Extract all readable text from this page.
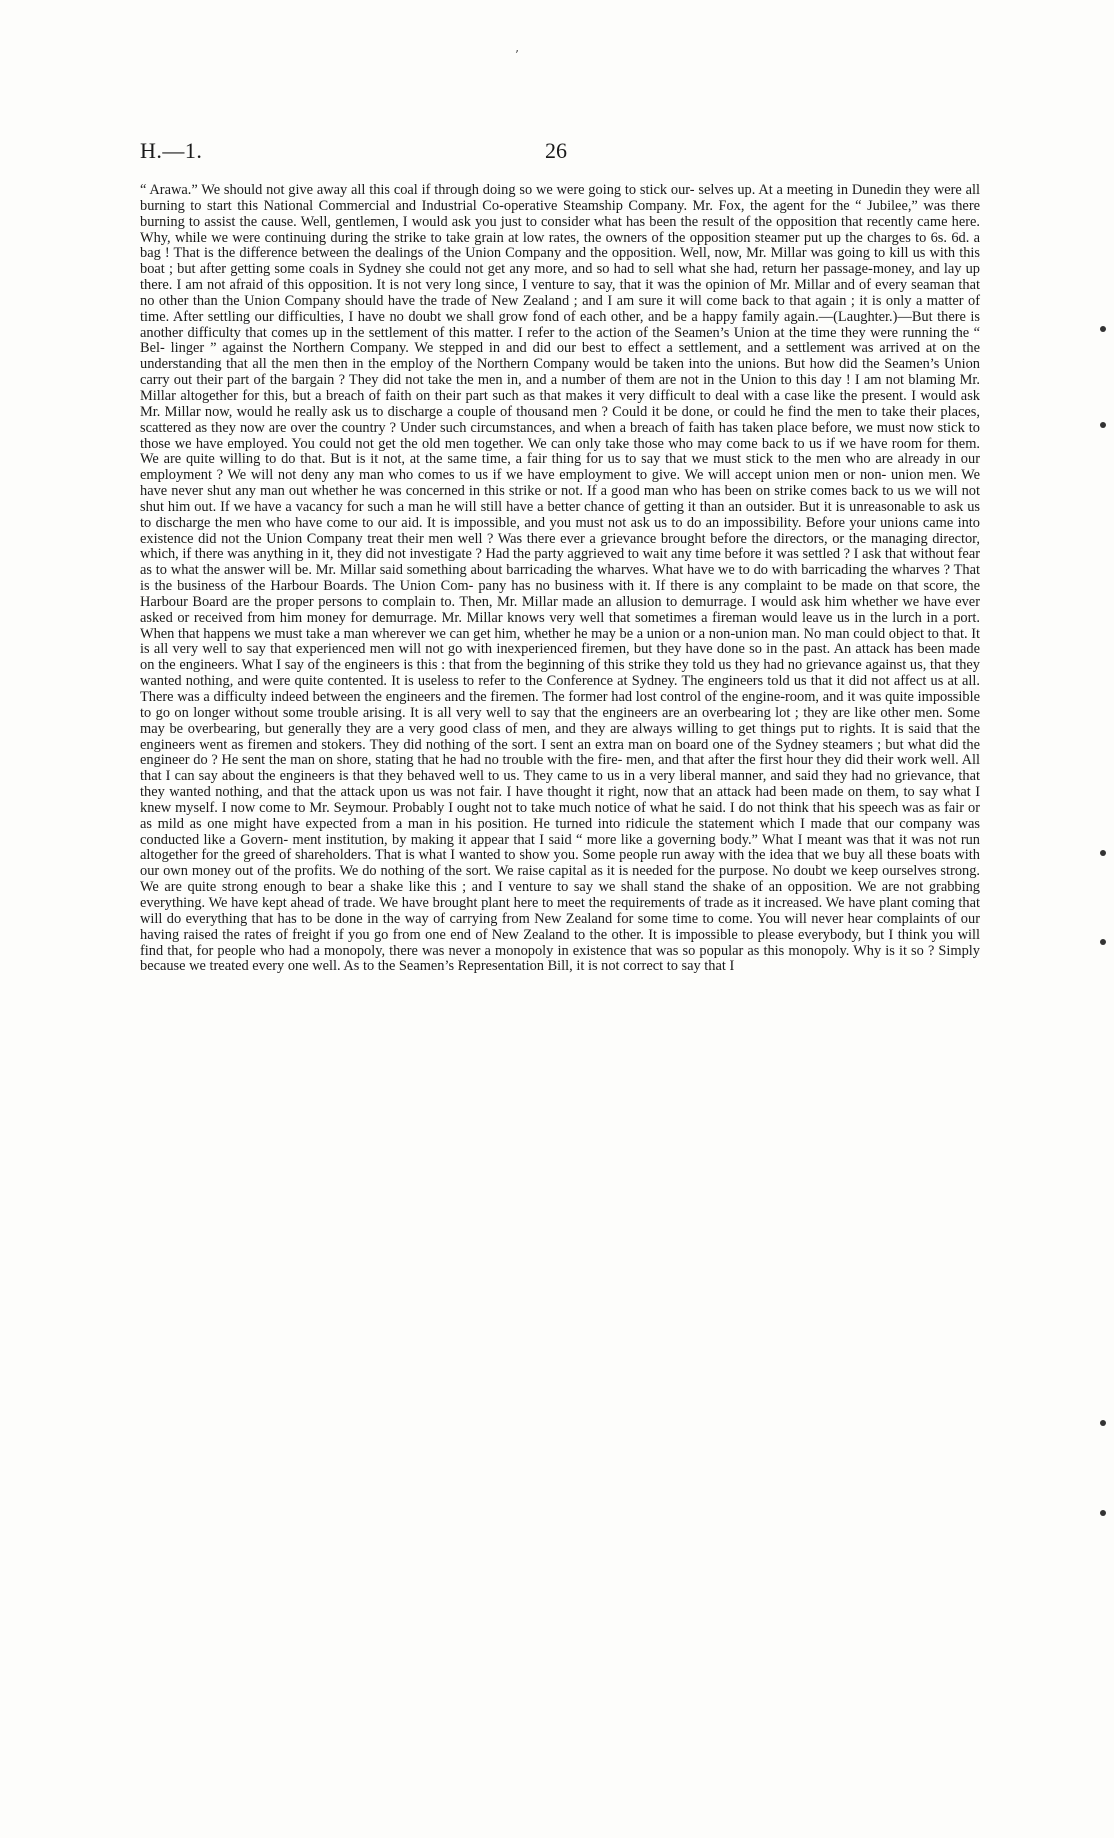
’
H.—1.	26

“ Arawa.” We should not give away all this coal if through doing so we were going to stick our- selves up. At a meeting in Dunedin they were all burning to start this National Commercial and Industrial Co-operative Steamship Company. Mr. Fox, the agent for the “ Jubilee,” was there burning to assist the cause. Well, gentlemen, I would ask you just to consider what has been the result of the opposition that recently came here. Why, while we were continuing during the strike to take grain at low rates, the owners of the opposition steamer put up the charges to 6s. 6d. a bag ! That is the difference between the dealings of the Union Company and the opposition. Well, now, Mr. Millar was going to kill us with this boat ; but after getting some coals in Sydney she could not get any more, and so had to sell what she had, return her passage-money, and lay up there. I am not afraid of this opposition. It is not very long since, I venture to say, that it was the opinion of Mr. Millar and of every seaman that no other than the Union Company should have the trade of New Zealand ; and I am sure it will come back to that again ; it is only a matter of time. After settling our difficulties, I have no doubt we shall grow fond of each other, and be a happy family again.—(Laughter.)—But there is another difficulty that comes up in the settlement of this matter. I refer to the action of the Seamen’s Union at the time they were running the “ Bel- linger ” against the Northern Company. We stepped in and did our best to effect a settlement, and a settlement was arrived at on the understanding that all the men then in the employ of the Northern Company would be taken into the unions. But how did the Seamen’s Union carry out their part of the bargain ? They did not take the men in, and a number of them are not in the Union to this day ! I am not blaming Mr. Millar altogether for this, but a breach of faith on their part such as that makes it very difficult to deal with a case like the present. I would ask Mr. Millar now, would he really ask us to discharge a couple of thousand men ? Could it be done, or could he find the men to take their places, scattered as they now are over the country ? Under such circumstances, and when a breach of faith has taken place before, we must now stick to those we have employed. You could not get the old men together. We can only take those who may come back to us if we have room for them. We are quite willing to do that. But is it not, at the same time, a fair thing for us to say that we must stick to the men who are already in our employment ? We will not deny any man who comes to us if we have employment to give. We will accept union men or non- union men. We have never shut any man out whether he was concerned in this strike or not. If a good man who has been on strike comes back to us we will not shut him out. If we have a vacancy for such a man he will still have a better chance of getting it than an outsider. But it is unreasonable to ask us to discharge the men who have come to our aid. It is impossible, and you must not ask us to do an impossibility. Before your unions came into existence did not the Union Company treat their men well ? Was there ever a grievance brought before the directors, or the managing director, which, if there was anything in it, they did not investigate ? Had the party aggrieved to wait any time before it was settled ? I ask that without fear as to what the answer will be. Mr. Millar said something about barricading the wharves. What have we to do with barricading the wharves ? That is the business of the Harbour Boards. The Union Com- pany has no business with it. If there is any complaint to be made on that score, the Harbour Board are the proper persons to complain to. Then, Mr. Millar made an allusion to demurrage. I would ask him whether we have ever asked or received from him money for demurrage. Mr. Millar knows very well that sometimes a fireman would leave us in the lurch in a port. When that happens we must take a man wherever we can get him, whether he may be a union or a non-union man. No man could object to that. It is all very well to say that experienced men will not go with inexperienced firemen, but they have done so in the past. An attack has been made on the engineers. What I say of the engineers is this : that from the beginning of this strike they told us they had no grievance against us, that they wanted nothing, and were quite contented. It is useless to refer to the Conference at Sydney. The engineers told us that it did not affect us at all. There was a difficulty indeed between the engineers and the firemen. The former had lost control of the engine-room, and it was quite impossible to go on longer without some trouble arising. It is all very well to say that the engineers are an overbearing lot ; they are like other men. Some may be overbearing, but generally they are a very good class of men, and they are always willing to get things put to rights. It is said that the engineers went as firemen and stokers. They did nothing of the sort. I sent an extra man on board one of the Sydney steamers ; but what did the engineer do ? He sent the man on shore, stating that he had no trouble with the fire- men, and that after the first hour they did their work well. All that I can say about the engineers is that they behaved well to us. They came to us in a very liberal manner, and said they had no grievance, that they wanted nothing, and that the attack upon us was not fair. I have thought it right, now that an attack had been made on them, to say what I knew myself. I now come to Mr. Seymour. Probably I ought not to take much notice of what he said. I do not think that his speech was as fair or as mild as one might have expected from a man in his position. He turned into ridicule the statement which I made that our company was conducted like a Govern- ment institution, by making it appear that I said “ more like a governing body.” What I meant was that it was not run altogether for the greed of shareholders. That is what I wanted to show you. Some people run away with the idea that we buy all these boats with our own money out of the profits. We do nothing of the sort. We raise capital as it is needed for the purpose. No doubt we keep ourselves strong. We are quite strong enough to bear a shake like this ; and I venture to say we shall stand the shake of an opposition. We are not grabbing everything. We have kept ahead of trade. We have brought plant here to meet the requirements of trade as it increased. We have plant coming that will do everything that has to be done in the way of carrying from New Zealand for some time to come. You will never hear complaints of our having raised the rates of freight if you go from one end of New Zealand to the other. It is impossible to please everybody, but I think you will find that, for people who had a monopoly, there was never a monopoly in existence that was so popular as this monopoly. Why is it so ? Simply because we treated every one well. As to the Seamen’s Representation Bill, it is not correct to say that I
